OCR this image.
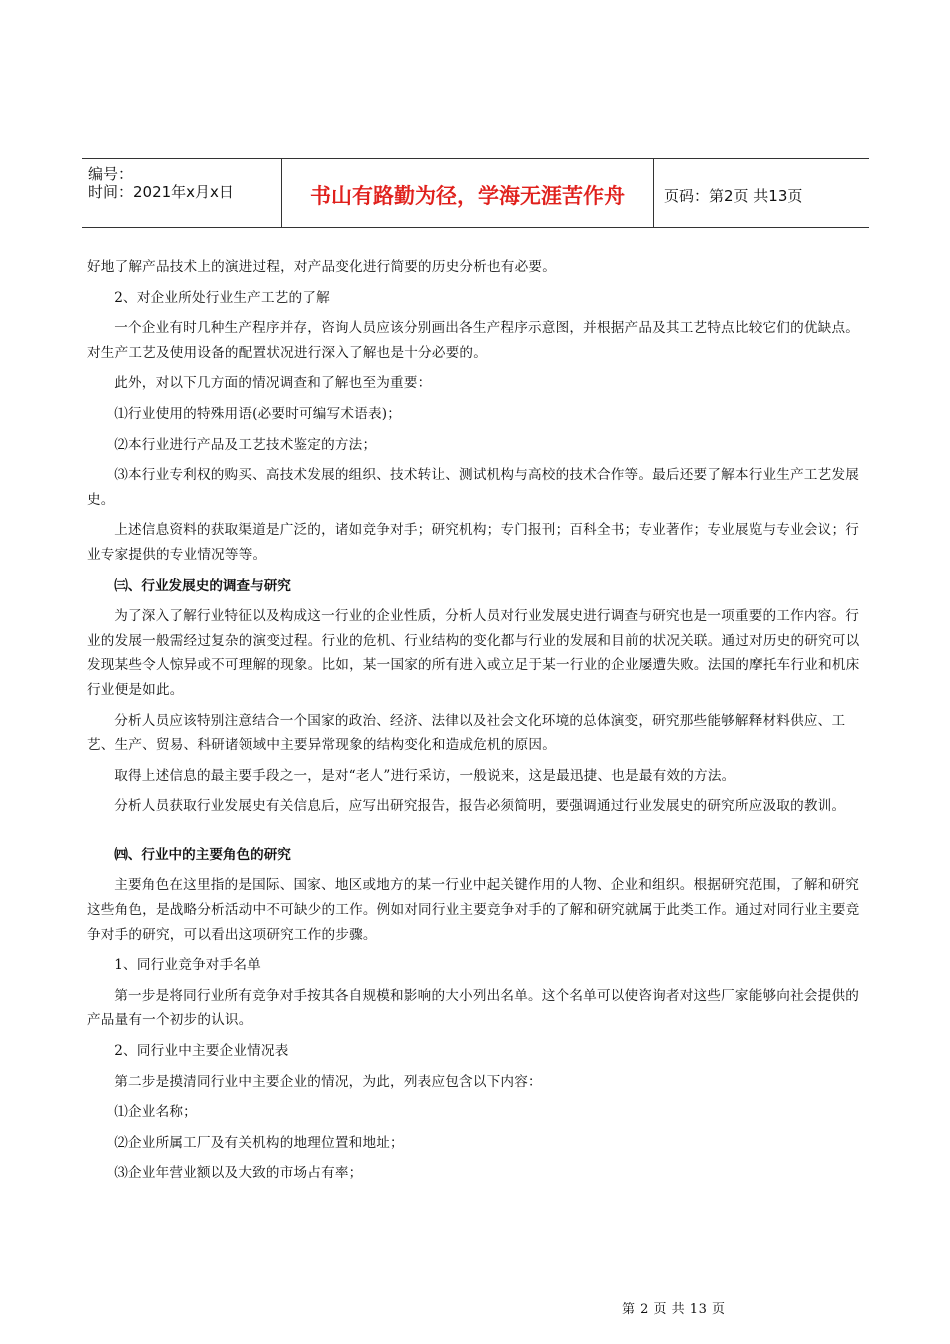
编号：
时间：2021年x月x日	书山有路勤为径，学海无涯苦作舟	页码：第2页 共13页

好地了解产品技术上的演进过程，对产品变化进行简要的历史分析也有必要。

2、对企业所处行业生产工艺的了解

一个企业有时几种生产程序并存，咨询人员应该分别画出各生产程序示意图，并根据产品及其工艺特点比较它们的优缺点。对生产工艺及使用设备的配置状况进行深入了解也是十分必要的。

此外，对以下几方面的情况调查和了解也至为重要：

⑴行业使用的特殊用语(必要时可编写术语表)；

⑵本行业进行产品及工艺技术鉴定的方法；

⑶本行业专利权的购买、高技术发展的组织、技术转让、测试机构与高校的技术合作等。最后还要了解本行业生产工艺发展史。

上述信息资料的获取渠道是广泛的，诸如竞争对手；研究机构；专门报刊；百科全书；专业著作；专业展览与专业会议；行业专家提供的专业情况等等。

㈢、行业发展史的调查与研究

为了深入了解行业特征以及构成这一行业的企业性质，分析人员对行业发展史进行调查与研究也是一项重要的工作内容。行业的发展一般需经过复杂的演变过程。行业的危机、行业结构的变化都与行业的发展和目前的状况关联。通过对历史的研究可以发现某些令人惊异或不可理解的现象。比如，某一国家的所有进入或立足于某一行业的企业屡遭失败。法国的摩托车行业和机床行业便是如此。

分析人员应该特别注意结合一个国家的政治、经济、法律以及社会文化环境的总体演变，研究那些能够解释材料供应、工艺、生产、贸易、科研诸领域中主要异常现象的结构变化和造成危机的原因。

取得上述信息的最主要手段之一，是对“老人”进行采访，一般说来，这是最迅捷、也是最有效的方法。

分析人员获取行业发展史有关信息后，应写出研究报告，报告必须简明，要强调通过行业发展史的研究所应汲取的教训。

㈣、行业中的主要角色的研究

主要角色在这里指的是国际、国家、地区或地方的某一行业中起关键作用的人物、企业和组织。根据研究范围，了解和研究这些角色，是战略分析活动中不可缺少的工作。例如对同行业主要竞争对手的了解和研究就属于此类工作。通过对同行业主要竞争对手的研究，可以看出这项研究工作的步骤。

1、同行业竞争对手名单

第一步是将同行业所有竞争对手按其各自规模和影响的大小列出名单。这个名单可以使咨询者对这些厂家能够向社会提供的产品量有一个初步的认识。

2、同行业中主要企业情况表

第二步是摸清同行业中主要企业的情况，为此，列表应包含以下内容：

⑴企业名称；

⑵企业所属工厂及有关机构的地理位置和地址；

⑶企业年营业额以及大致的市场占有率；

第 2 页 共 13 页
